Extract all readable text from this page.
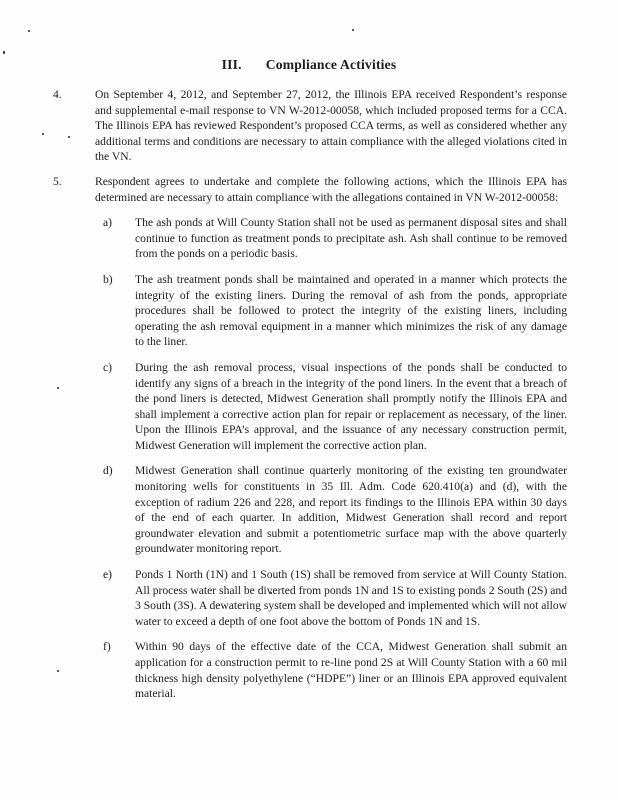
III. Compliance Activities
4.	On September 4, 2012, and September 27, 2012, the Illinois EPA received Respondent’s response and supplemental e-mail response to VN W-2012-00058, which included proposed terms for a CCA. The Illinois EPA has reviewed Respondent’s proposed CCA terms, as well as considered whether any additional terms and conditions are necessary to attain compliance with the alleged violations cited in the VN.
5.	Respondent agrees to undertake and complete the following actions, which the Illinois EPA has determined are necessary to attain compliance with the allegations contained in VN W-2012-00058:
a)	The ash ponds at Will County Station shall not be used as permanent disposal sites and shall continue to function as treatment ponds to precipitate ash. Ash shall continue to be removed from the ponds on a periodic basis.
b)	The ash treatment ponds shall be maintained and operated in a manner which protects the integrity of the existing liners. During the removal of ash from the ponds, appropriate procedures shall be followed to protect the integrity of the existing liners, including operating the ash removal equipment in a manner which minimizes the risk of any damage to the liner.
c)	During the ash removal process, visual inspections of the ponds shall be conducted to identify any signs of a breach in the integrity of the pond liners. In the event that a breach of the pond liners is detected, Midwest Generation shall promptly notify the Illinois EPA and shall implement a corrective action plan for repair or replacement as necessary, of the liner. Upon the Illinois EPA’s approval, and the issuance of any necessary construction permit, Midwest Generation will implement the corrective action plan.
d)	Midwest Generation shall continue quarterly monitoring of the existing ten groundwater monitoring wells for constituents in 35 Ill. Adm. Code 620.410(a) and (d), with the exception of radium 226 and 228, and report its findings to the Illinois EPA within 30 days of the end of each quarter. In addition, Midwest Generation shall record and report groundwater elevation and submit a potentiometric surface map with the above quarterly groundwater monitoring report.
e)	Ponds 1 North (1N) and 1 South (1S) shall be removed from service at Will County Station. All process water shall be diverted from ponds 1N and 1S to existing ponds 2 South (2S) and 3 South (3S). A dewatering system shall be developed and implemented which will not allow water to exceed a depth of one foot above the bottom of Ponds 1N and 1S.
f)	Within 90 days of the effective date of the CCA, Midwest Generation shall submit an application for a construction permit to re-line pond 2S at Will County Station with a 60 mil thickness high density polyethylene (“HDPE”) liner or an Illinois EPA approved equivalent material.
